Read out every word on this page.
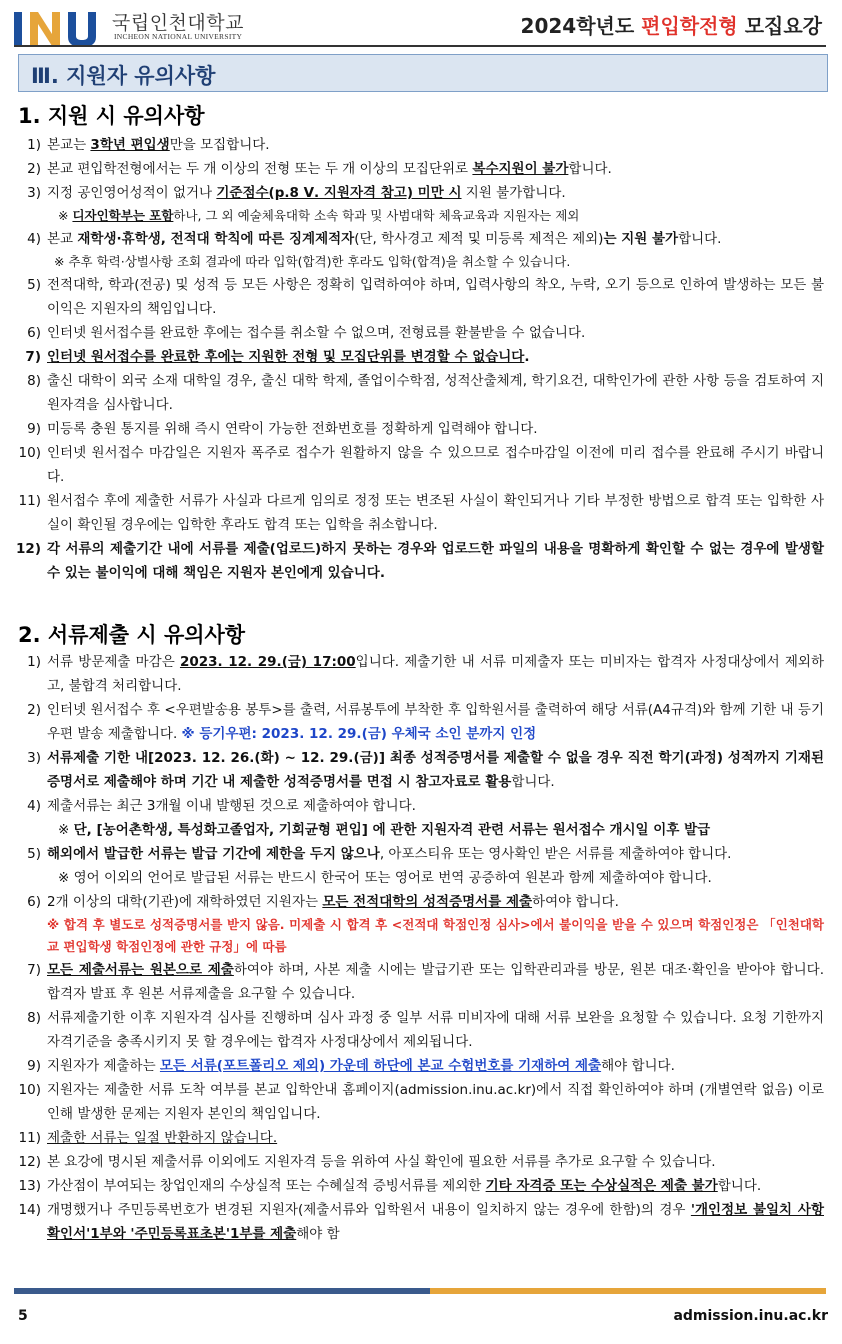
국립인천대학교
INCHEON NATIONAL UNIVERSITY	2024학년도 편입학전형 모집요강
Ⅲ. 지원자 유의사항
1. 지원 시 유의사항
1) 본교는 3학년 편입생만을 모집합니다.
2) 본교 편입학전형에서는 두 개 이상의 전형 또는 두 개 이상의 모집단위로 복수지원이 불가합니다.
3) 지정 공인영어성적이 없거나 기준점수(p.8 Ⅴ. 지원자격 참고) 미만 시 지원 불가합니다.
※ 디자인학부는 포함하나, 그 외 예술체육대학 소속 학과 및 사범대학 체육교육과 지원자는 제외
4) 본교 재학생·휴학생, 전적대 학칙에 따른 징계제적자(단, 학사경고 제적 및 미등록 제적은 제외)는 지원 불가합니다.
※ 추후 학력·상벌사항 조회 결과에 따라 입학(합격)한 후라도 입학(합격)을 취소할 수 있습니다.
5) 전적대학, 학과(전공) 및 성적 등 모든 사항은 정확히 입력하여야 하며, 입력사항의 착오, 누락, 오기 등으로 인하여 발생하는 모든 불이익은 지원자의 책임입니다.
6) 인터넷 원서접수를 완료한 후에는 접수를 취소할 수 없으며, 전형료를 환불받을 수 없습니다.
7) 인터넷 원서접수를 완료한 후에는 지원한 전형 및 모집단위를 변경할 수 없습니다.
8) 출신 대학이 외국 소재 대학일 경우, 출신 대학 학제, 졸업이수학점, 성적산출체계, 학기요건, 대학인가에 관한 사항 등을 검토하여 지원자격을 심사합니다.
9) 미등록 충원 통지를 위해 즉시 연락이 가능한 전화번호를 정확하게 입력해야 합니다.
10) 인터넷 원서접수 마감일은 지원자 폭주로 접수가 원활하지 않을 수 있으므로 접수마감일 이전에 미리 접수를 완료해 주시기 바랍니다.
11) 원서접수 후에 제출한 서류가 사실과 다르게 임의로 정정 또는 변조된 사실이 확인되거나 기타 부정한 방법으로 합격 또는 입학한 사실이 확인될 경우에는 입학한 후라도 합격 또는 입학을 취소합니다.
12) 각 서류의 제출기간 내에 서류를 제출(업로드)하지 못하는 경우와 업로드한 파일의 내용을 명확하게 확인할 수 없는 경우에 발생할 수 있는 불이익에 대해 책임은 지원자 본인에게 있습니다.
2. 서류제출 시 유의사항
1) 서류 방문제출 마감은 2023. 12. 29.(금) 17:00입니다. 제출기한 내 서류 미제출자 또는 미비자는 합격자 사정대상에서 제외하고, 불합격 처리합니다.
2) 인터넷 원서접수 후 <우편발송용 봉투>를 출력, 서류봉투에 부착한 후 입학원서를 출력하여 해당 서류(A4규격)와 함께 기한 내 등기우편 발송 제출합니다. ※ 등기우편: 2023. 12. 29.(금) 우체국 소인 분까지 인정
3) 서류제출 기한 내[2023. 12. 26.(화) ~ 12. 29.(금)] 최종 성적증명서를 제출할 수 없을 경우 직전 학기(과정) 성적까지 기재된 증명서로 제출해야 하며 기간 내 제출한 성적증명서를 면접 시 참고자료로 활용합니다.
4) 제출서류는 최근 3개월 이내 발행된 것으로 제출하여야 합니다.
※ 단, [농어촌학생, 특성화고졸업자, 기회균형 편입] 에 관한 지원자격 관련 서류는 원서접수 개시일 이후 발급
5) 해외에서 발급한 서류는 발급 기간에 제한을 두지 않으나, 아포스티유 또는 영사확인 받은 서류를 제출하여야 합니다.
※ 영어 이외의 언어로 발급된 서류는 반드시 한국어 또는 영어로 번역 공증하여 원본과 함께 제출하여야 합니다.
6) 2개 이상의 대학(기관)에 재학하였던 지원자는 모든 전적대학의 성적증명서를 제출하여야 합니다.
※ 합격 후 별도로 성적증명서를 받지 않음. 미제출 시 합격 후 <전적대 학점인정 심사>에서 불이익을 받을 수 있으며 학점인정은 「인천대학교 편입학생 학점인정에 관한 규정」에 따름
7) 모든 제출서류는 원본으로 제출하여야 하며, 사본 제출 시에는 발급기관 또는 입학관리과를 방문, 원본 대조·확인을 받아야 합니다. 합격자 발표 후 원본 서류제출을 요구할 수 있습니다.
8) 서류제출기한 이후 지원자격 심사를 진행하며 심사 과정 중 일부 서류 미비자에 대해 서류 보완을 요청할 수 있습니다. 요청 기한까지 자격기준을 충족시키지 못 할 경우에는 합격자 사정대상에서 제외됩니다.
9) 지원자가 제출하는 모든 서류(포트폴리오 제외) 가운데 하단에 본교 수험번호를 기재하여 제출해야 합니다.
10) 지원자는 제출한 서류 도착 여부를 본교 입학안내 홈페이지(admission.inu.ac.kr)에서 직접 확인하여야 하며 (개별연락 없음) 이로 인해 발생한 문제는 지원자 본인의 책임입니다.
11) 제출한 서류는 일절 반환하지 않습니다.
12) 본 요강에 명시된 제출서류 이외에도 지원자격 등을 위하여 사실 확인에 필요한 서류를 추가로 요구할 수 있습니다.
13) 가산점이 부여되는 창업인재의 수상실적 또는 수혜실적 증빙서류를 제외한 기타 자격증 또는 수상실적은 제출 불가합니다.
14) 개명했거나 주민등록번호가 변경된 지원자(제출서류와 입학원서 내용이 일치하지 않는 경우에 한함)의 경우 '개인정보 불일치 사항 확인서'1부와 '주민등록표초본'1부를 제출해야 함
5	admission.inu.ac.kr
